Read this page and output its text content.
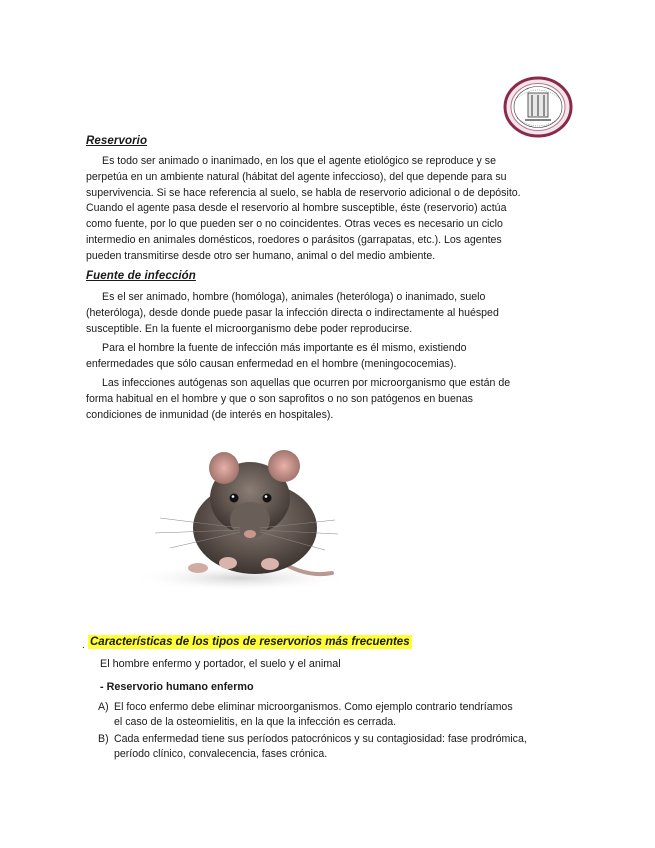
Reservorio
Es todo ser animado o inanimado, en los que el agente etiológico se reproduce y se
perpetúa en un ambiente natural (hábitat del agente infeccioso), del que depende para su
supervivencia. Si se hace referencia al suelo, se habla de reservorio adicional o de depósito.
Cuando el agente pasa desde el reservorio al hombre susceptible, éste (reservorio) actúa
como fuente, por lo que pueden ser o no coincidentes. Otras veces es necesario un ciclo
intermedio en animales domésticos, roedores o parásitos (garrapatas, etc.). Los agentes
pueden transmitirse desde otro ser humano, animal o del medio ambiente.
Fuente de infección
Es el ser animado, hombre (homóloga), animales (heteróloga) o inanimado, suelo
(heteróloga), desde donde puede pasar la infección directa o indirectamente al huésped
susceptible. En la fuente el microorganismo debe poder reproducirse.
Para el hombre la fuente de infección más importante es él mismo, existiendo
enfermedades que sólo causan enfermedad en el hombre (meningococemias).
Las infecciones autógenas son aquellas que ocurren por microorganismo que están de
forma habitual en el hombre y que o son saprofitos o no son patógenos en buenas
condiciones de inmunidad (de interés en hospitales).
. Características de los tipos de reservorios más frecuentes
El hombre enfermo y portador, el suelo y el animal
- Reservorio humano enfermo
A) El foco enfermo debe eliminar microorganismos. Como ejemplo contrario tendríamos
el caso de la osteomielitis, en la que la infección es cerrada.
B) Cada enfermedad tiene sus períodos patocrónicos y su contagiosidad: fase prodrómica,
período clínico, convalecencia, fases crónica.
